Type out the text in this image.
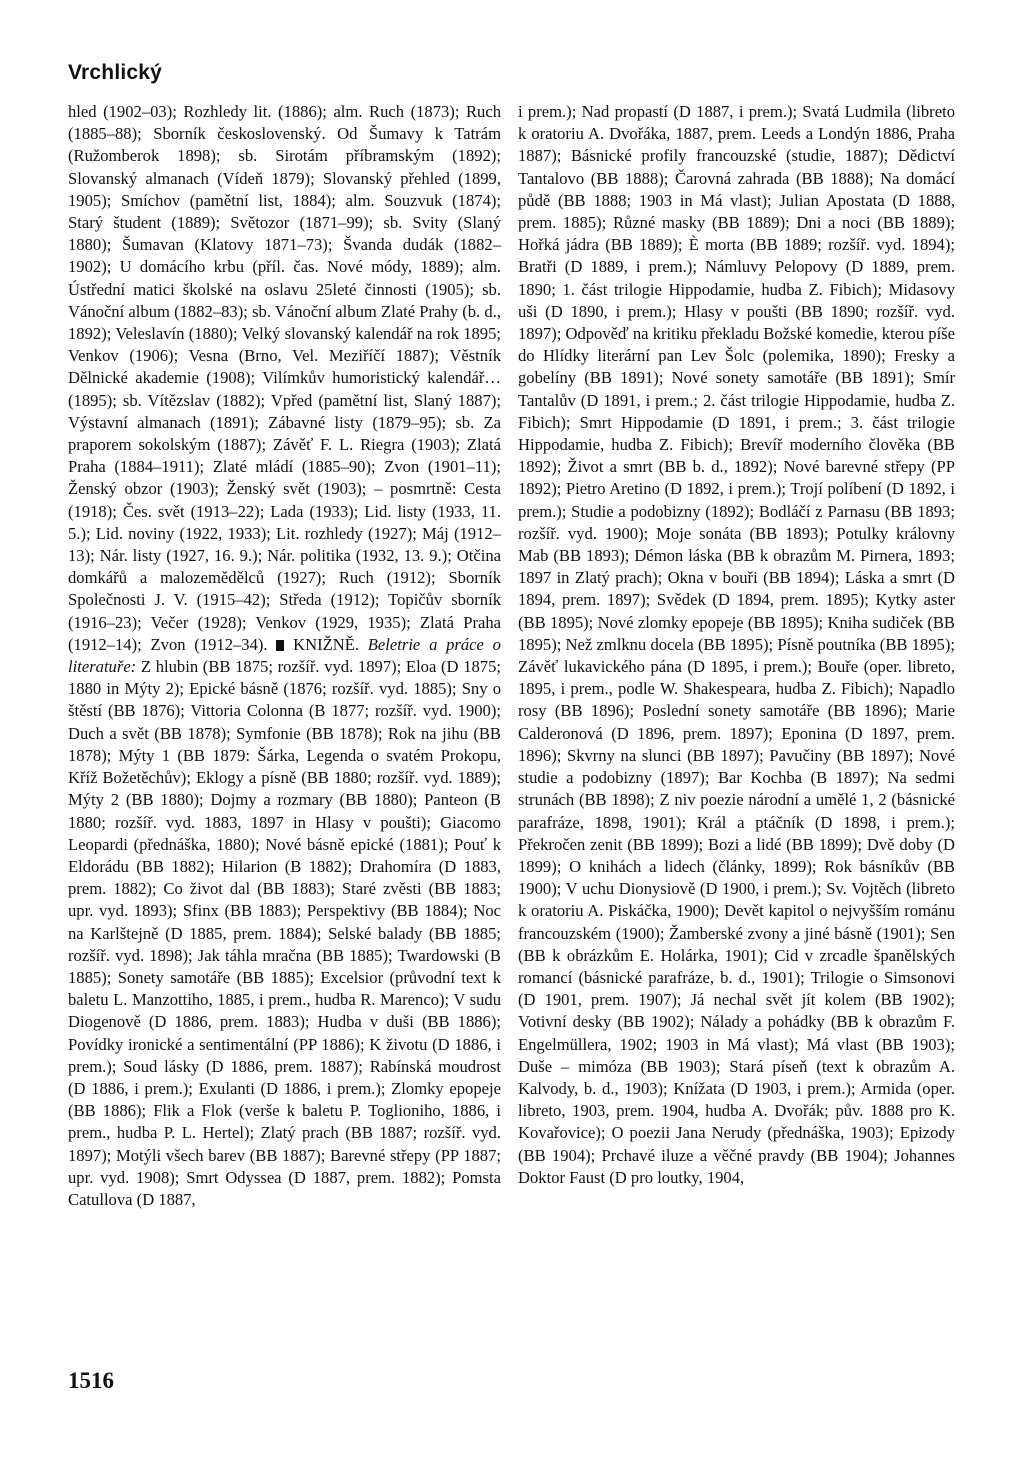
Vrchlický

hled (1902–03); Rozhledy lit. (1886); alm. Ruch (1873); Ruch (1885–88); Sborník československý. Od Šumavy k Tatrám (Ružomberok 1898); sb. Sirotám příbramským (1892); Slovanský almanach (Vídeň 1879); Slovanský přehled (1899, 1905); Smíchov (pamětní list, 1884); alm. Souzvuk (1874); Starý študent (1889); Světozor (1871–99); sb. Svity (Slaný 1880); Šumavan (Klatovy 1871–73); Švanda dudák (1882–1902); U domácího krbu (příl. čas. Nové módy, 1889); alm. Ústřední matici školské na oslavu 25leté činnosti (1905); sb. Vánoční album (1882–83); sb. Vánoční album Zlaté Prahy (b. d., 1892); Veleslavín (1880); Velký slovanský kalendář na rok 1895; Venkov (1906); Vesna (Brno, Vel. Meziříčí 1887); Věstník Dělnické akademie (1908); Vilímkův humoristický kalendář… (1895); sb. Vítězslav (1882); Vpřed (pamětní list, Slaný 1887); Výstavní almanach (1891); Zábavné listy (1879–95); sb. Za praporem sokolským (1887); Závěť F. L. Riegra (1903); Zlatá Praha (1884–1911); Zlaté mládí (1885–90); Zvon (1901–11); Ženský obzor (1903); Ženský svět (1903); – posmrtně: Cesta (1918); Čes. svět (1913–22); Lada (1933); Lid. listy (1933, 11. 5.); Lid. noviny (1922, 1933); Lit. rozhledy (1927); Máj (1912–13); Nár. listy (1927, 16. 9.); Nár. politika (1932, 13. 9.); Otčina domkářů a malozemědělců (1927); Ruch (1912); Sborník Společnosti J. V. (1915–42); Středa (1912); Topičův sborník (1916–23); Večer (1928); Venkov (1929, 1935); Zlatá Praha (1912–14); Zvon (1912–34). KNIŽNĚ. Beletrie a práce o literatuře: Z hlubin (BB 1875; rozšíř. vyd. 1897); Eloa (D 1875; 1880 in Mýty 2); Epické básně (1876; rozšíř. vyd. 1885); Sny o štěstí (BB 1876); Vittoria Colonna (B 1877; rozšíř. vyd. 1900); Duch a svět (BB 1878); Symfonie (BB 1878); Rok na jihu (BB 1878); Mýty 1 (BB 1879: Šárka, Legenda o svatém Prokopu, Kříž Božetěchův); Eklogy a písně (BB 1880; rozšíř. vyd. 1889); Mýty 2 (BB 1880); Dojmy a rozmary (BB 1880); Panteon (B 1880; rozšíř. vyd. 1883, 1897 in Hlasy v poušti); Giacomo Leopardi (přednáška, 1880); Nové básně epické (1881); Pouť k Eldorádu (BB 1882); Hilarion (B 1882); Drahomíra (D 1883, prem. 1882); Co život dal (BB 1883); Staré zvěsti (BB 1883; upr. vyd. 1893); Sfinx (BB 1883); Perspektivy (BB 1884); Noc na Karlštejně (D 1885, prem. 1884); Selské balady (BB 1885; rozšíř. vyd. 1898); Jak táhla mračna (BB 1885); Twardowski (B 1885); Sonety samotáře (BB 1885); Excelsior (průvodní text k baletu L. Manzottiho, 1885, i prem., hudba R. Marenco); V sudu Diogenově (D 1886, prem. 1883); Hudba v duši (BB 1886); Povídky ironické a sentimentální (PP 1886); K životu (D 1886, i prem.); Soud lásky (D 1886, prem. 1887); Rabínská moudrost (D 1886, i prem.); Exulanti (D 1886, i prem.); Zlomky epopeje (BB 1886); Flik a Flok (verše k baletu P. Toglioniho, 1886, i prem., hudba P. L. Hertel); Zlatý prach (BB 1887; rozšíř. vyd. 1897); Motýli všech barev (BB 1887); Barevné střepy (PP 1887; upr. vyd. 1908); Smrt Odyssea (D 1887, prem. 1882); Pomsta Catullova (D 1887,

i prem.); Nad propastí (D 1887, i prem.); Svatá Ludmila (libreto k oratoriu A. Dvořáka, 1887, prem. Leeds a Londýn 1886, Praha 1887); Básnické profily francouzské (studie, 1887); Dědictví Tantalovo (BB 1888); Čarovná zahrada (BB 1888); Na domácí půdě (BB 1888; 1903 in Má vlast); Julian Apostata (D 1888, prem. 1885); Různé masky (BB 1889); Dni a noci (BB 1889); Hořká jádra (BB 1889); È morta (BB 1889; rozšíř. vyd. 1894); Bratři (D 1889, i prem.); Námluvy Pelopovy (D 1889, prem. 1890; 1. část trilogie Hippodamie, hudba Z. Fibich); Midasovy uši (D 1890, i prem.); Hlasy v poušti (BB 1890; rozšíř. vyd. 1897); Odpověď na kritiku překladu Božské komedie, kterou píše do Hlídky literární pan Lev Šolc (polemika, 1890); Fresky a gobelíny (BB 1891); Nové sonety samotáře (BB 1891); Smír Tantalův (D 1891, i prem.; 2. část trilogie Hippodamie, hudba Z. Fibich); Smrt Hippodamie (D 1891, i prem.; 3. část trilogie Hippodamie, hudba Z. Fibich); Brevíř moderního člověka (BB 1892); Život a smrt (BB b. d., 1892); Nové barevné střepy (PP 1892); Pietro Aretino (D 1892, i prem.); Trojí políbení (D 1892, i prem.); Studie a podobizny (1892); Bodláčí z Parnasu (BB 1893; rozšíř. vyd. 1900); Moje sonáta (BB 1893); Potulky královny Mab (BB 1893); Démon láska (BB k obrazům M. Pirnera, 1893; 1897 in Zlatý prach); Okna v bouři (BB 1894); Láska a smrt (D 1894, prem. 1897); Svědek (D 1894, prem. 1895); Kytky aster (BB 1895); Nové zlomky epopeje (BB 1895); Kniha sudiček (BB 1895); Než zmlknu docela (BB 1895); Písně poutníka (BB 1895); Závěť lukavického pána (D 1895, i prem.); Bouře (oper. libreto, 1895, i prem., podle W. Shakespeara, hudba Z. Fibich); Napadlo rosy (BB 1896); Poslední sonety samotáře (BB 1896); Marie Calderonová (D 1896, prem. 1897); Eponina (D 1897, prem. 1896); Skvrny na slunci (BB 1897); Pavučiny (BB 1897); Nové studie a podobizny (1897); Bar Kochba (B 1897); Na sedmi strunách (BB 1898); Z niv poezie národní a umělé 1, 2 (básnické parafráze, 1898, 1901); Král a ptáčník (D 1898, i prem.); Překročen zenit (BB 1899); Bozi a lidé (BB 1899); Dvě doby (D 1899); O knihách a lidech (články, 1899); Rok básníkův (BB 1900); V uchu Dionysiově (D 1900, i prem.); Sv. Vojtěch (libreto k oratoriu A. Piskáčka, 1900); Devět kapitol o nejvyšším románu francouzském (1900); Žamberské zvony a jiné básně (1901); Sen (BB k obrázkům E. Holárka, 1901); Cid v zrcadle španělských romancí (básnické parafráze, b. d., 1901); Trilogie o Simsonovi (D 1901, prem. 1907); Já nechal svět jít kolem (BB 1902); Votivní desky (BB 1902); Nálady a pohádky (BB k obrazům F. Engelmüllera, 1902; 1903 in Má vlast); Má vlast (BB 1903); Duše – mimóza (BB 1903); Stará píseň (text k obrazům A. Kalvody, b. d., 1903); Knížata (D 1903, i prem.); Armida (oper. libreto, 1903, prem. 1904, hudba A. Dvořák; pův. 1888 pro K. Kovařovice); O poezii Jana Nerudy (přednáška, 1903); Epizody (BB 1904); Prchavé iluze a věčné pravdy (BB 1904); Johannes Doktor Faust (D pro loutky, 1904,

1516
